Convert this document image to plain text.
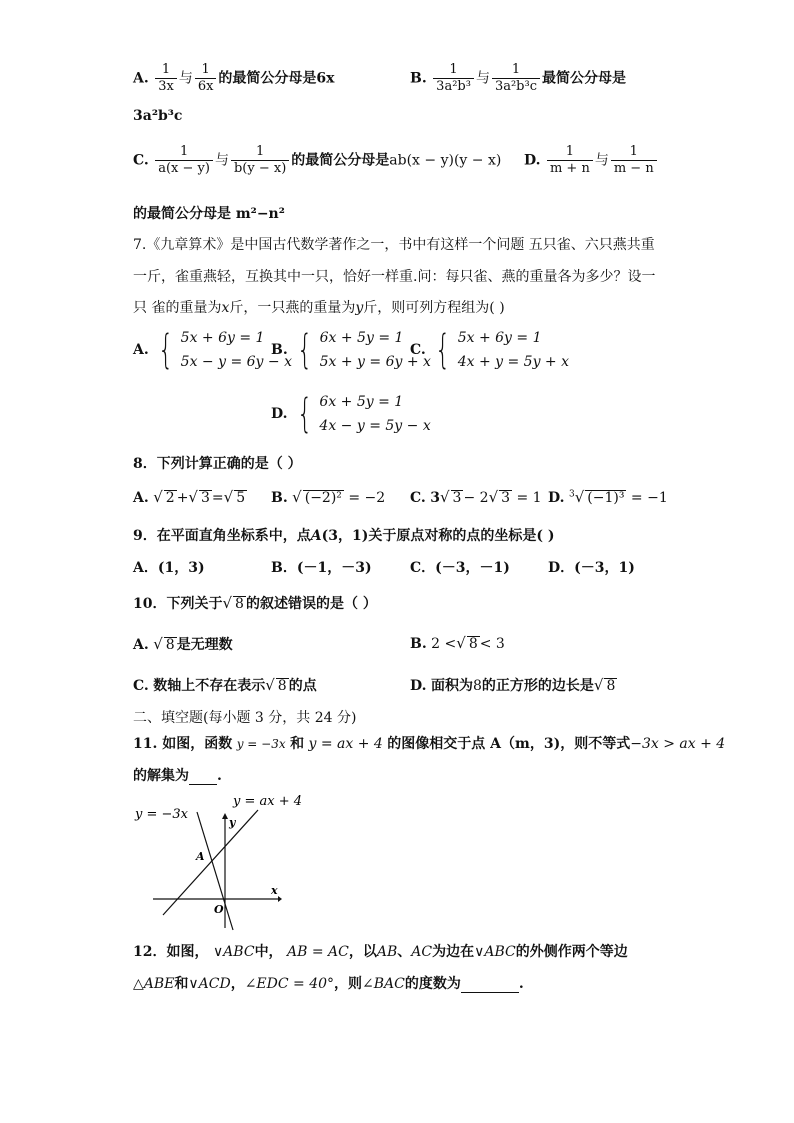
A. $\frac{1}{3x}$ 与 $\frac{1}{6x}$ 的最简公分母是6x	B. $\frac{1}{\text{3a²b³}}$ 与 $\frac{1}{\text{3a²b³c}}$ 最简公分母是
3a²b³c
C. $\frac{1}{a(x - y)}$ 与 $\frac{1}{b(y - x)}$ 的最简公分母是ab(x − y)(y − x) D. $\frac{1}{m + n}$ 与 $\frac{1}{m - n}$
的最简公分母是 m²−n²
7.《九章算术》是中国古代数学著作之一，书中有这样一个问题 五只雀、六只燕共重
一斤，雀重燕轻，互换其中一只，恰好一样重.问：每只雀、燕的重量各为多少？设一
只 雀的重量为x斤，一只燕的重量为y斤，则可列方程组为( )
A. { 5x + 6y = 1
5x − y = 6y − x
B. { 6x + 5y = 1
5x + y = 6y + x
C. { 5x + 6y = 1
4x + y = 5y + x
D. { 6x + 5y = 1
4x − y = 5y − x
8．下列计算正确的是（ ）
A. √ 2 +√ 3 =√ 5 B. √ (−2)² = −2 C. 3√ 3 − 2√ 3 = 1 D. $^3$√ (−1)³ = −1
9．在平面直角坐标系中，点A(3，1)关于原点对称的点的坐标是( )
A．(1，3)	B．(－1，－3)	C．(－3，－1)	D．(－3，1)
10．下列关于√ 8 的叙述错误的是（ ）
A. √ 8 是无理数	B. 2 <√ 8 < 3
C. 数轴上不存在表示√ 8 的点	D. 面积为8的正方形的边长是√ 8
二、填空题(每小题 3 分，共 24 分)
11. 如图，函数 y = −3x 和 y = ax + 4 的图像相交于点 A（m，3)，则不等式−3x > ax + 4
的解集为 .
y = −3x
y = ax + 4
y
x
A
O
12．如图， ∨ABC中， AB = AC，以AB、AC为边在∨ABC的外侧作两个等边
△ABE和∨ACD，∠EDC = 40°，则∠BAC的度数为	.
